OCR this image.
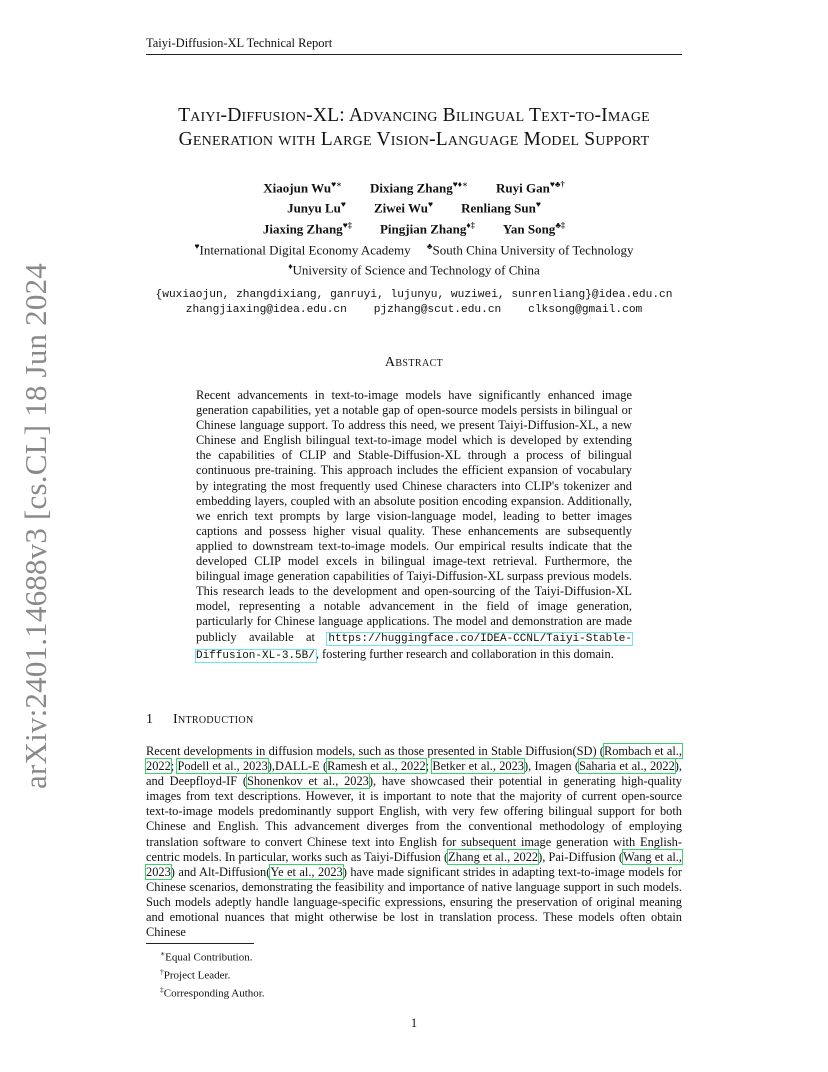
Taiyi-Diffusion-XL Technical Report
arXiv:2401.14688v3 [cs.CL] 18 Jun 2024
Taiyi-Diffusion-XL: Advancing Bilingual Text-to-Image
Generation with Large Vision-Language Model Support
Xiaojun Wu♥∗ Dixiang Zhang♥♦∗ Ruyi Gan♥♣†
Junyu Lu♥ Ziwei Wu♥ Renliang Sun♥
Jiaxing Zhang♥‡ Pingjian Zhang♦‡ Yan Song♣‡
♥International Digital Economy Academy ♣South China University of Technology
♦University of Science and Technology of China
{wuxiaojun, zhangdixiang, ganruyi, lujunyu, wuziwei, sunrenliang}@idea.edu.cn
zhangjiaxing@idea.edu.cn    pjzhang@scut.edu.cn    clksong@gmail.com
Abstract
Recent advancements in text-to-image models have significantly enhanced image generation capabilities, yet a notable gap of open-source models persists in bilingual or Chinese language support. To address this need, we present Taiyi-Diffusion-XL, a new Chinese and English bilingual text-to-image model which is developed by extending the capabilities of CLIP and Stable-Diffusion-XL through a process of bilingual continuous pre-training. This approach includes the efficient expansion of vocabulary by integrating the most frequently used Chinese characters into CLIP's tokenizer and embedding layers, coupled with an absolute position encoding expansion. Additionally, we enrich text prompts by large vision-language model, leading to better images captions and possess higher visual quality. These enhancements are subsequently applied to downstream text-to-image models. Our empirical results indicate that the developed CLIP model excels in bilingual image-text retrieval. Furthermore, the bilingual image generation capabilities of Taiyi-Diffusion-XL surpass previous models. This research leads to the development and open-sourcing of the Taiyi-Diffusion-XL model, representing a notable advancement in the field of image generation, particularly for Chinese language applications. The model and demonstration are made publicly available at https://huggingface.co/IDEA-CCNL/Taiyi-Stable-Diffusion-XL-3.5B/, fostering further research and collaboration in this domain.
1 Introduction
Recent developments in diffusion models, such as those presented in Stable Diffusion(SD) (Rombach et al., 2022; Podell et al., 2023),DALL-E (Ramesh et al., 2022; Betker et al., 2023), Imagen (Saharia et al., 2022), and Deepfloyd-IF (Shonenkov et al., 2023), have showcased their potential in generating high-quality images from text descriptions. However, it is important to note that the majority of current open-source text-to-image models predominantly support English, with very few offering bilingual support for both Chinese and English. This advancement diverges from the conventional methodology of employing translation software to convert Chinese text into English for subsequent image generation with English-centric models. In particular, works such as Taiyi-Diffusion (Zhang et al., 2022), Pai-Diffusion (Wang et al., 2023) and Alt-Diffusion(Ye et al., 2023) have made significant strides in adapting text-to-image models for Chinese scenarios, demonstrating the feasibility and importance of native language support in such models. Such models adeptly handle language-specific expressions, ensuring the preservation of original meaning and emotional nuances that might otherwise be lost in translation process. These models often obtain Chinese
∗Equal Contribution.
†Project Leader.
‡Corresponding Author.
1
